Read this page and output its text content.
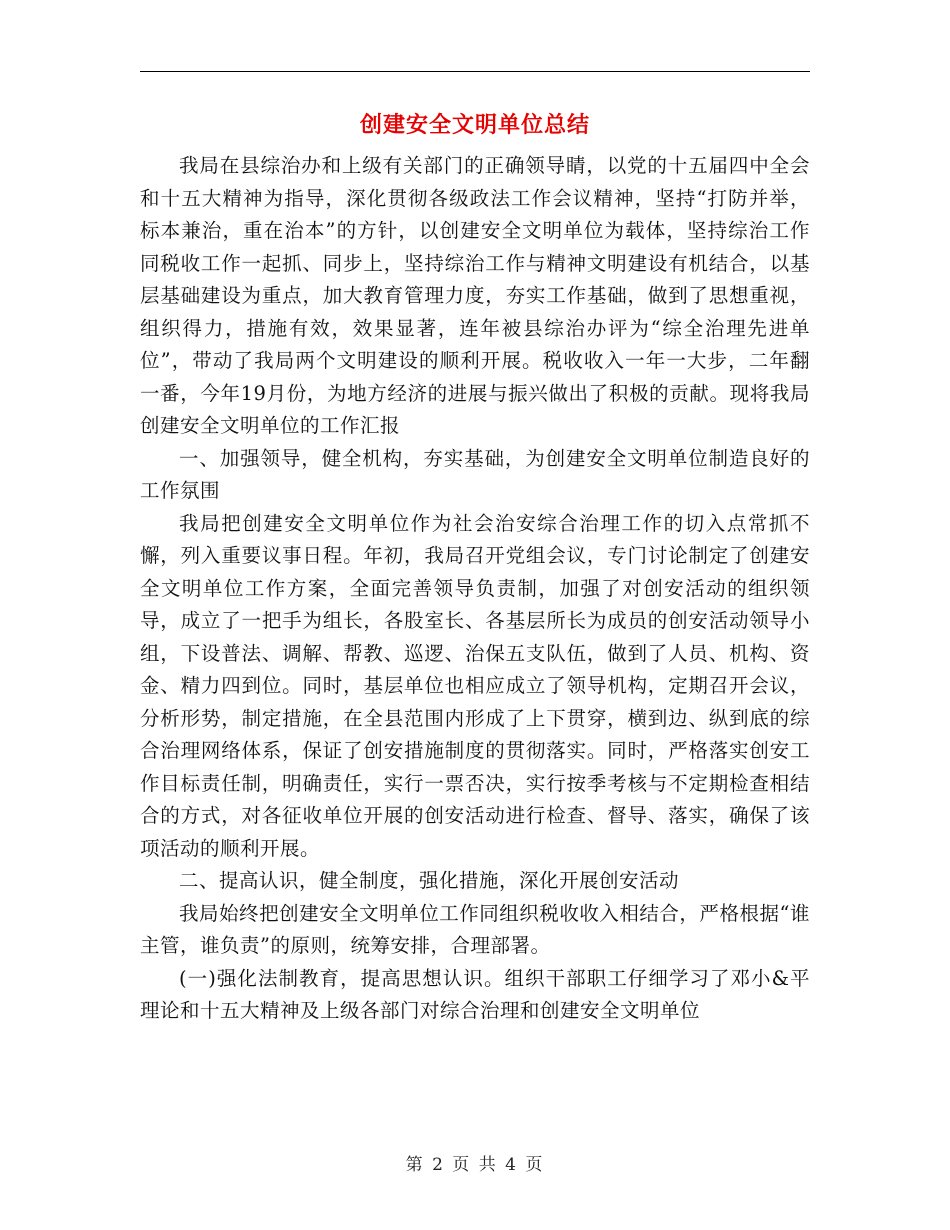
创建安全文明单位总结

我局在县综治办和上级有关部门的正确领导睛，以党的十五届四中全会和十五大精神为指导，深化贯彻各级政法工作会议精神，坚持“打防并举，标本兼治，重在治本”的方针，以创建安全文明单位为载体，坚持综治工作同税收工作一起抓、同步上，坚持综治工作与精神文明建设有机结合，以基层基础建设为重点，加大教育管理力度，夯实工作基础，做到了思想重视，组织得力，措施有效，效果显著，连年被县综治办评为“综全治理先进单位”，带动了我局两个文明建设的顺利开展。税收收入一年一大步，二年翻一番，今年19月份，为地方经济的进展与振兴做出了积极的贡献。现将我局创建安全文明单位的工作汇报

一、加强领导，健全机构，夯实基础，为创建安全文明单位制造良好的工作氛围

我局把创建安全文明单位作为社会治安综合治理工作的切入点常抓不懈，列入重要议事日程。年初，我局召开党组会议，专门讨论制定了创建安全文明单位工作方案，全面完善领导负责制，加强了对创安活动的组织领导，成立了一把手为组长，各股室长、各基层所长为成员的创安活动领导小组，下设普法、调解、帮教、巡逻、治保五支队伍，做到了人员、机构、资金、精力四到位。同时，基层单位也相应成立了领导机构，定期召开会议，分析形势，制定措施，在全县范围内形成了上下贯穿，横到边、纵到底的综合治理网络体系，保证了创安措施制度的贯彻落实。同时，严格落实创安工作目标责任制，明确责任，实行一票否决，实行按季考核与不定期检查相结合的方式，对各征收单位开展的创安活动进行检查、督导、落实，确保了该项活动的顺利开展。

二、提高认识，健全制度，强化措施，深化开展创安活动

我局始终把创建安全文明单位工作同组织税收收入相结合，严格根据“谁主管，谁负责”的原则，统筹安排，合理部署。

(一)强化法制教育，提高思想认识。组织干部职工仔细学习了邓小&平理论和十五大精神及上级各部门对综合治理和创建安全文明单位

第 2 页 共 4 页
